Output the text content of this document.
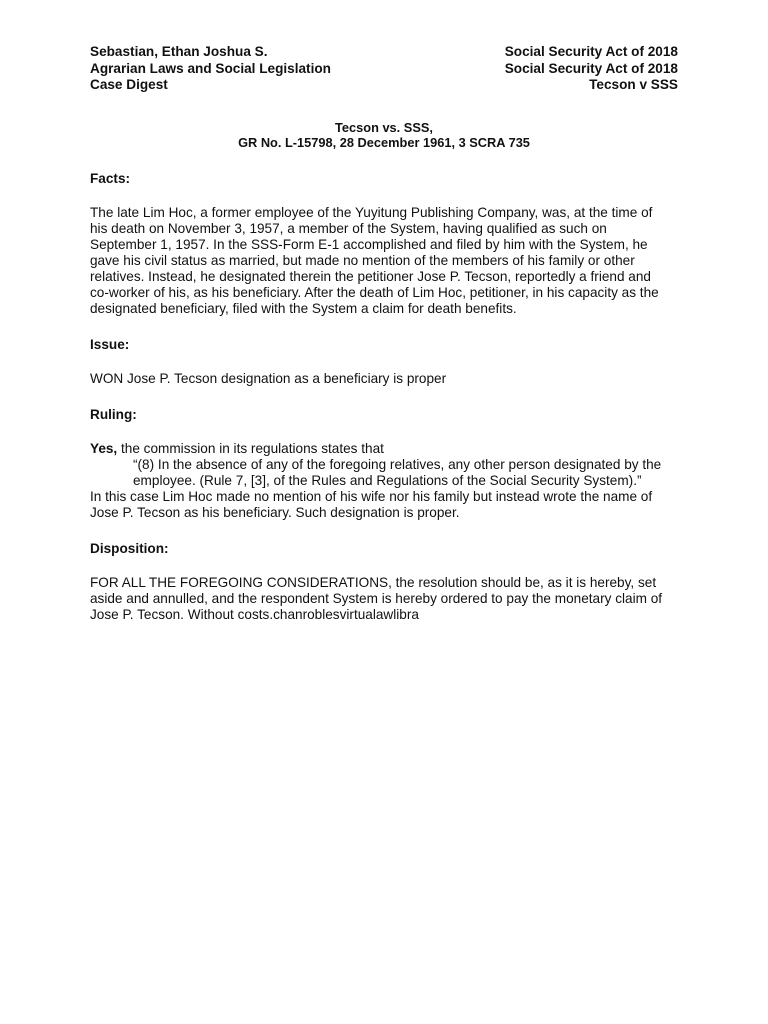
Sebastian, Ethan Joshua S.
Agrarian Laws and Social Legislation
Case Digest
Social Security Act of 2018
Social Security Act of 2018
Tecson v SSS
Tecson vs. SSS,
GR No. L-15798, 28 December 1961, 3 SCRA 735
Facts:

The late Lim Hoc, a former employee of the Yuyitung Publishing Company, was, at the time of
his death on November 3, 1957, a member of the System, having qualified as such on
September 1, 1957. In the SSS-Form E-1 accomplished and filed by him with the System, he
gave his civil status as married, but made no mention of the members of his family or other
relatives. Instead, he designated therein the petitioner Jose P. Tecson, reportedly a friend and
co-worker of his, as his beneficiary. After the death of Lim Hoc, petitioner, in his capacity as the
designated beneficiary, filed with the System a claim for death benefits.

Issue:

WON Jose P. Tecson designation as a beneficiary is proper

Ruling:

Yes, the commission in its regulations states that

“(8) In the absence of any of the foregoing relatives, any other person designated by the
employee. (Rule 7, [3], of the Rules and Regulations of the Social Security System).”
In this case Lim Hoc made no mention of his wife nor his family but instead wrote the name of
Jose P. Tecson as his beneficiary. Such designation is proper.
Disposition:

FOR ALL THE FOREGOING CONSIDERATIONS, the resolution should be, as it is hereby, set
aside and annulled, and the respondent System is hereby ordered to pay the monetary claim of
Jose P. Tecson. Without costs.chanroblesvirtualawlibra
